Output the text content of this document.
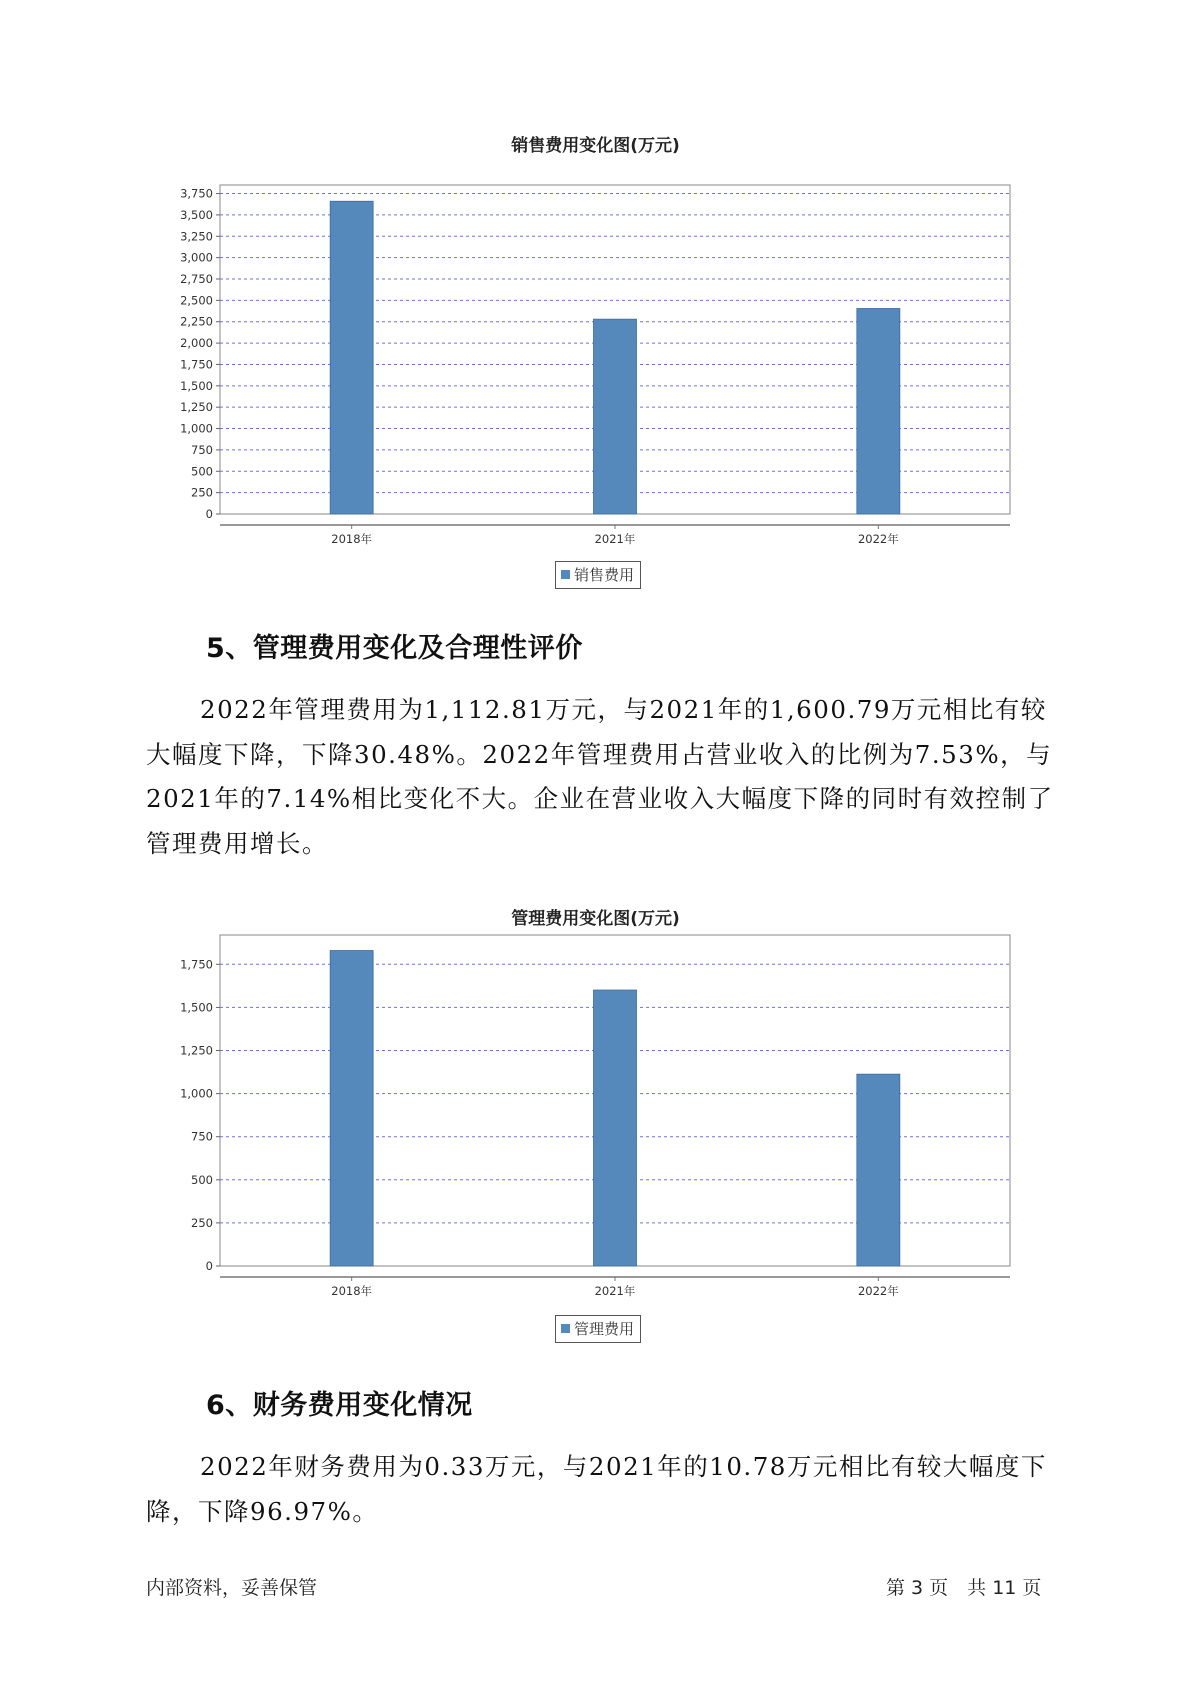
销售费用变化图(万元)
0
250
500
750
1,000
1,250
1,500
1,750
2,000
2,250
2,500
2,750
3,000
3,250
3,500
3,750
2018年	2021年	2022年
销售费用
5、管理费用变化及合理性评价

2022年管理费用为1,112.81万元，与2021年的1,600.79万元相比有较大幅度下降，下降30.48%。2022年管理费用占营业收入的比例为7.53%，与2021年的7.14%相比变化不大。企业在营业收入大幅度下降的同时有效控制了管理费用增长。

管理费用变化图(万元)
0
250
500
750
1,000
1,250
1,500
1,750
2018年	2021年	2022年
管理费用
6、财务费用变化情况

2022年财务费用为0.33万元，与2021年的10.78万元相比有较大幅度下降，下降96.97%。

内部资料，妥善保管	第 3 页　共 11 页
